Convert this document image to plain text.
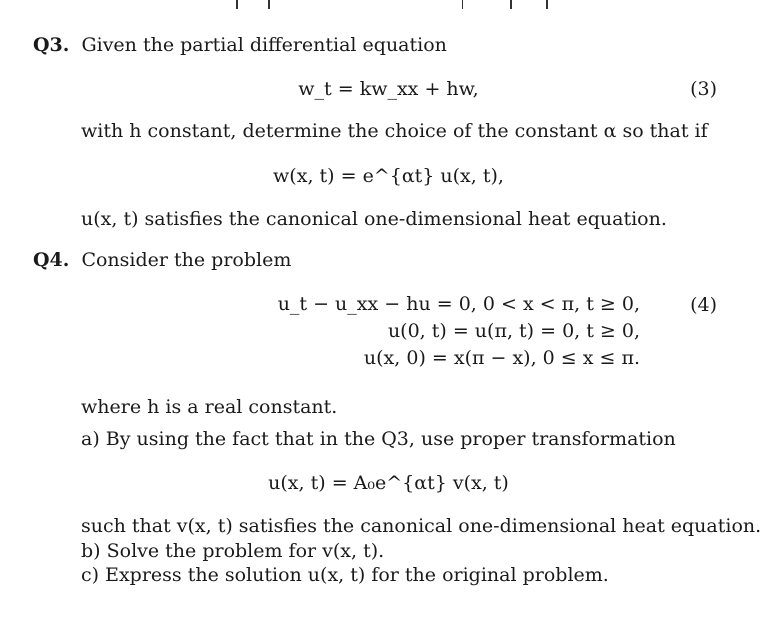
Q3. Given the partial differential equation
w_t = kw_xx + hw,	(3)
with h constant, determine the choice of the constant α so that if
w(x, t) = e^{αt} u(x, t),
u(x, t) satisfies the canonical one-dimensional heat equation.
Q4. Consider the problem
u_t − u_xx − hu = 0, 0 < x < π, t ≥ 0,
u(0, t) = u(π, t) = 0, t ≥ 0,
u(x, 0) = x(π − x), 0 ≤ x ≤ π.
(4)
where h is a real constant.
a) By using the fact that in the Q3, use proper transformation
u(x, t) = A₀e^{αt} v(x, t)
such that v(x, t) satisfies the canonical one-dimensional heat equation.
b) Solve the problem for v(x, t).
c) Express the solution u(x, t) for the original problem.
